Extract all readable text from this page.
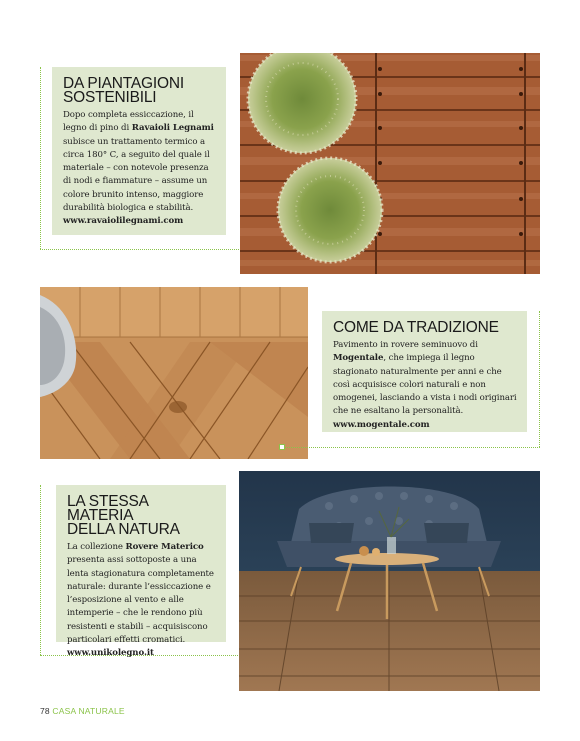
DA PIANTAGIONI
SOSTENIBILI

Dopo completa essiccazione, il legno di pino di Ravaioli Legnami subisce un trattamento termico a circa 180° C, a seguito del quale il materiale – con notevole presenza di nodi e fiammature – assume un colore brunito intenso, maggiore durabilità biologica e stabilità.
www.ravaiolilegnami.com

COME DA TRADIZIONE

Pavimento in rovere seminuovo di Mogentale, che impiega il legno stagionato naturalmente per anni e che così acquisisce colori naturali e non omogenei, lasciando a vista i nodi originari che ne esaltano la personalità.
www.mogentale.com

LA STESSA MATERIA
DELLA NATURA

La collezione Rovere Materico presenta assi sottoposte a una lenta stagionatura completamente naturale: durante l’essiccazione e l’esposizione al vento e alle intemperie – che le rendono più resistenti e stabili – acquisiscono particolari effetti cromatici.
www.unikolegno.it

78 CASA NATURALE
